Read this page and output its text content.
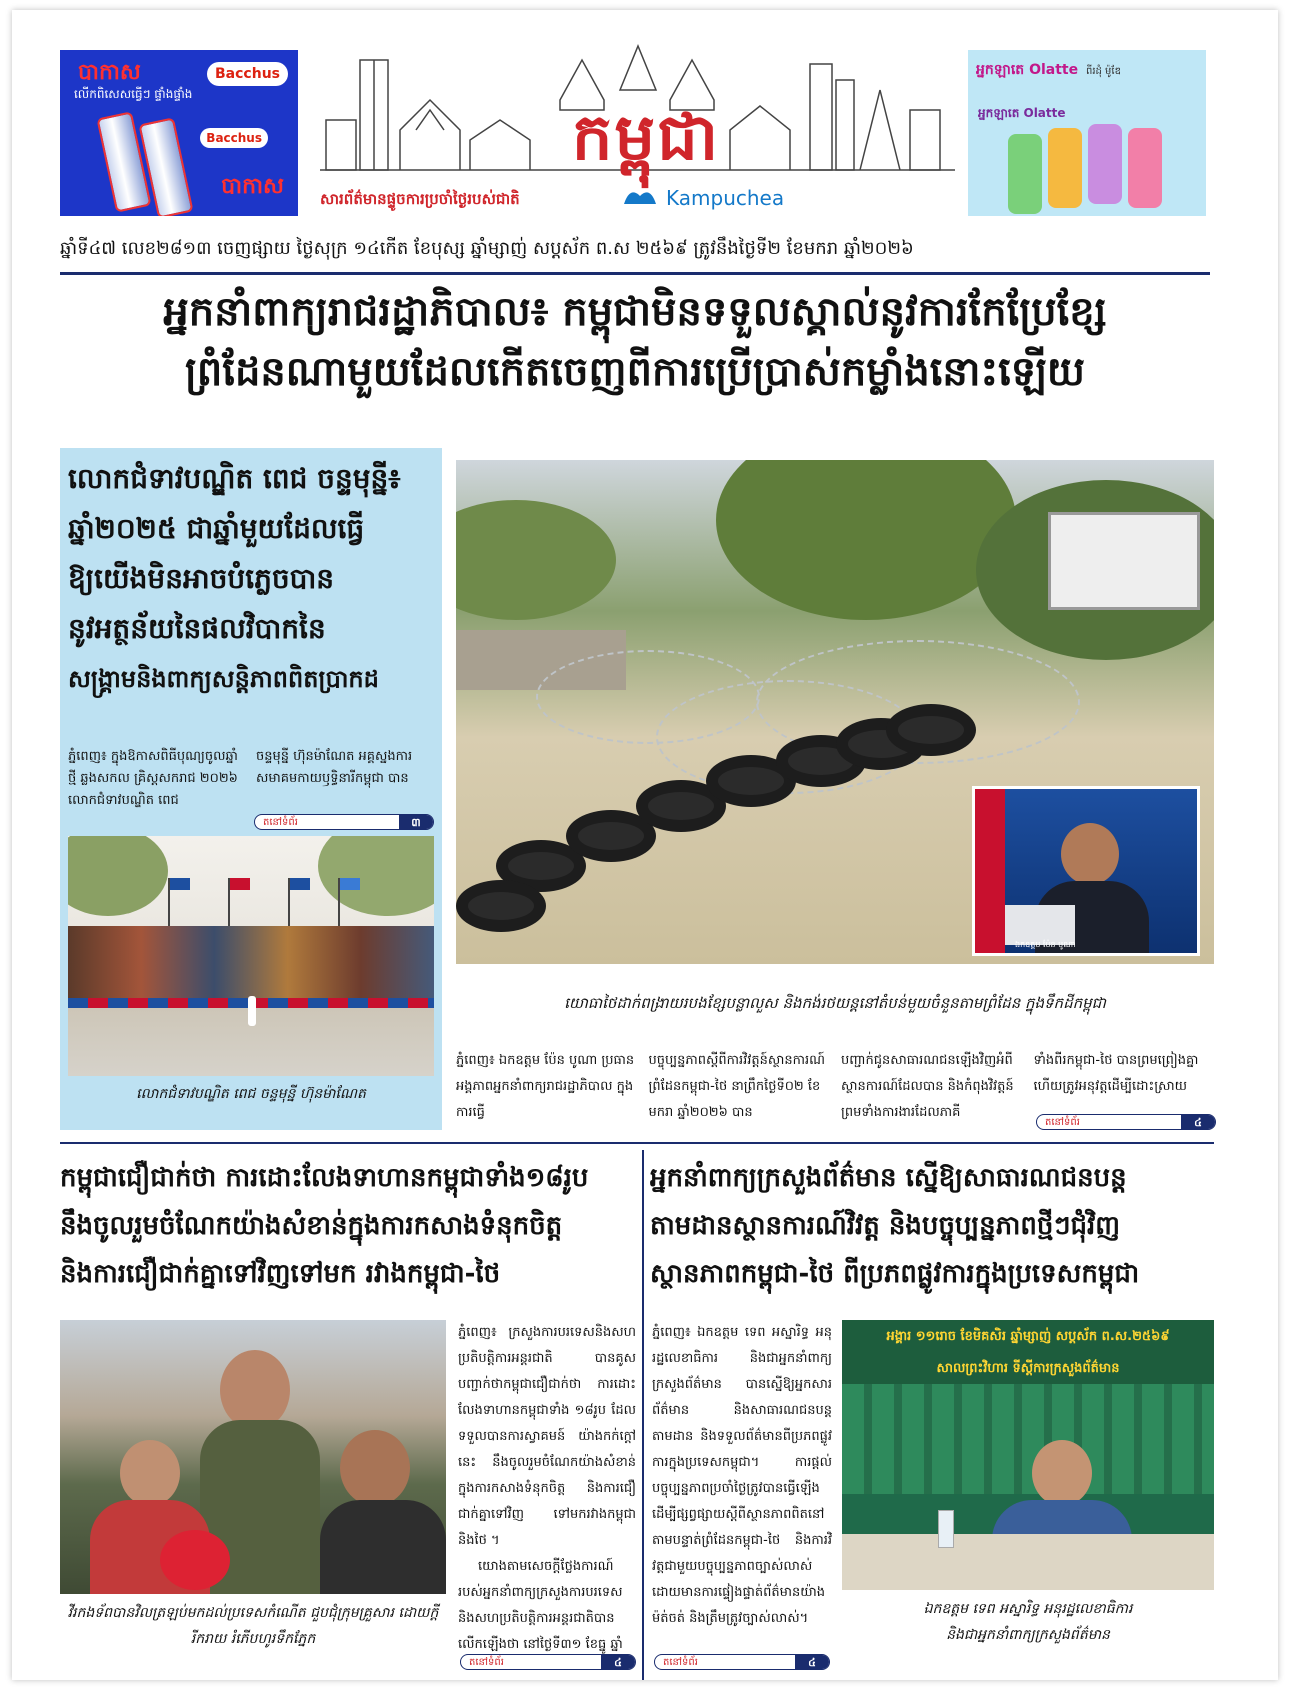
បាកាស
លើកពិសេស​ធ្វើៗ ផ្ទាំងផ្ទាំង
Bacchus
Bacchus
បាកាស
កម្ពុជា
សារព័ត៌មានផ្ទូចការប្រចាំថ្ងៃរបស់ជាតិ	Kampuchea
អ្នកឡាតេ Olatte ពីរដុំ ម៉ូឌែ
អ្នកឡាតេ Olatte
ឆ្នាំទី៤៧ លេខ២៨១៣ ចេញផ្សាយ ថ្ងៃសុក្រ ១៤កើត ខែបុស្ស ឆ្នាំម្សាញ់ សប្តស័ក ព.ស ២៥៦៩ ត្រូវនឹងថ្ងៃទី២ ខែមករា ឆ្នាំ២០២៦
អ្នកនាំពាក្យរាជរដ្ឋាភិបាល៖ កម្ពុជាមិនទទួលស្គាល់នូវការកែប្រែខ្សែ
ព្រំដែនណាមួយដែលកើតចេញពីការប្រើប្រាស់កម្លាំងនោះឡើយ
លោកជំទាវបណ្ឌិត ពេជ ចន្ទមុន្នី៖
ឆ្នាំ២០២៥ ជាឆ្នាំមួយដែលធ្វើ
ឱ្យយើងមិនអាចបំភ្លេចបាន
នូវអត្ថន័យនៃផលវិបាកនៃ
សង្គ្រាមនិងពាក្យសន្តិភាពពិតប្រាកដ
ភ្នំពេញ៖ ក្នុងឱកាសពិធីបុណ្យចូលឆ្នាំថ្មី ឆ្លងសកល គ្រិស្តសករាជ ២០២៦ លោកជំទាវបណ្ឌិត ពេជ
ចន្ទមុន្នី ហ៊ុនម៉ាណែត អគ្គស្នងការ សមាគមកាយឫទ្ធិនារីកម្ពុជា បាន
តនៅទំព័រ	៣
លោកជំទាវបណ្ឌិត ពេជ ចន្ទមុន្នី ហ៊ុនម៉ាណែត
ឯកឧត្តម ប៉ែន បូណា
យោធាថៃដាក់ពង្រាយរបងខ្សែបន្លាលួស និងកង់រថយន្តនៅតំបន់មួយចំនួនតាមព្រំដែន ក្នុងទឹកដីកម្ពុជា
ភ្នំពេញ៖ ឯកឧត្តម ប៉ែន បូណា ប្រធានអង្គភាពអ្នកនាំពាក្យរាជរដ្ឋាភិបាល ក្នុងការធ្វើ
បច្ចុប្បន្នភាពស្តីពីការវិវត្តន៍ស្ថានការណ៍ព្រំដែនកម្ពុជា-ថៃ នាព្រឹកថ្ងៃទី០២ ខែមករា ឆ្នាំ២០២៦ បាន
បញ្ជាក់ជូនសាធារណជនឡើងវិញអំពីស្ថានការណ៍ដែលបាន និងកំពុងវិវត្តន៍ ព្រមទាំងការងារដែលភាគី
ទាំងពីរកម្ពុជា-ថៃ បានព្រមព្រៀងគ្នា ហើយត្រូវអនុវត្តដើម្បីដោះស្រាយ
តនៅទំព័រ	៤
កម្ពុជាជឿជាក់ថា ការដោះលែងទាហានកម្ពុជាទាំង១៨រូប
នឹងចូលរួមចំណែកយ៉ាងសំខាន់ក្នុងការកសាងទំនុកចិត្ត
និងការជឿជាក់គ្នាទៅវិញទៅមក រវាងកម្ពុជា-ថៃ
វីរកងទ័ពបានវិលត្រឡប់មកដល់ប្រទេសកំណើត ជួបជុំក្រុមគ្រួសារ ដោយក្តីរីករាយ រំភើបហូរទឹកភ្នែក
ភ្នំពេញ៖ ក្រសួងការបរទេសនិងសហប្រតិបត្តិការអន្តរជាតិ បានគូសបញ្ជាក់ថាកម្ពុជាជឿជាក់ថា ការដោះលែងទាហានកម្ពុជាទាំង ១៨រូប ដែលទទួលបានការស្វាគមន៍ យ៉ាងកក់ក្តៅនេះ នឹងចូលរួមចំណែកយ៉ាងសំខាន់ក្នុងការកសាងទំនុកចិត្ត និងការជឿជាក់គ្នាទៅវិញ ទៅមករវាងកម្ពុជានិងថៃ ។
យោងតាមសេចក្តីថ្លែងការណ៍របស់អ្នកនាំពាក្យក្រសួងការបរទេស និងសហប្រតិបត្តិការអន្តរជាតិបានលើកឡើងថា នៅថ្ងៃទី៣១ ខែធ្នូ ឆ្នាំ
តនៅទំព័រ	៤
អ្នកនាំពាក្យក្រសួងព័ត៌មាន ស្នើឱ្យសាធារណជនបន្ត
តាមដានស្ថានការណ៍វិវត្ត និងបច្ចុប្បន្នភាពថ្មីៗជុំវិញ
ស្ថានភាពកម្ពុជា-ថៃ ពីប្រភពផ្លូវការក្នុងប្រទេសកម្ពុជា
ភ្នំពេញ៖ ឯកឧត្តម ទេព អស្នារិទ្ធ អនុរដ្ឋលេខាធិការ និងជាអ្នកនាំពាក្យក្រសួងព័ត៌មាន បានស្នើឱ្យអ្នកសារព័ត៌មាន និងសាធារណជនបន្តតាមដាន និងទទួលព័ត៌មានពីប្រភពផ្លូវការក្នុងប្រទេសកម្ពុជា។ ការផ្តល់បច្ចុប្បន្នភាពប្រចាំថ្ងៃត្រូវបានធ្វើឡើងដើម្បីផ្សព្វផ្សាយស្តីពីស្ថានភាពពិតនៅតាមបន្ទាត់ព្រំដែនកម្ពុជា-ថៃ និងការវិវត្តជាមួយបច្ចុប្បន្នភាពច្បាស់លាស់ ដោយមានការផ្ទៀងផ្ទាត់ព័ត៌មានយ៉ាងម៉ត់ចត់ និងត្រឹមត្រូវច្បាស់លាស់។
អង្គារ ១១រោច ខែមិគសិរ ឆ្នាំម្សាញ់ សប្តស័ក ព.ស.២៥៦៩
សាលព្រះវិហារ ទីស្តីការក្រសួងព័ត៌មាន
ឯកឧត្តម ទេព អស្នារិទ្ធ អនុរដ្ឋលេខាធិការ
និងជាអ្នកនាំពាក្យក្រសួងព័ត៌មាន
តនៅទំព័រ	៤
